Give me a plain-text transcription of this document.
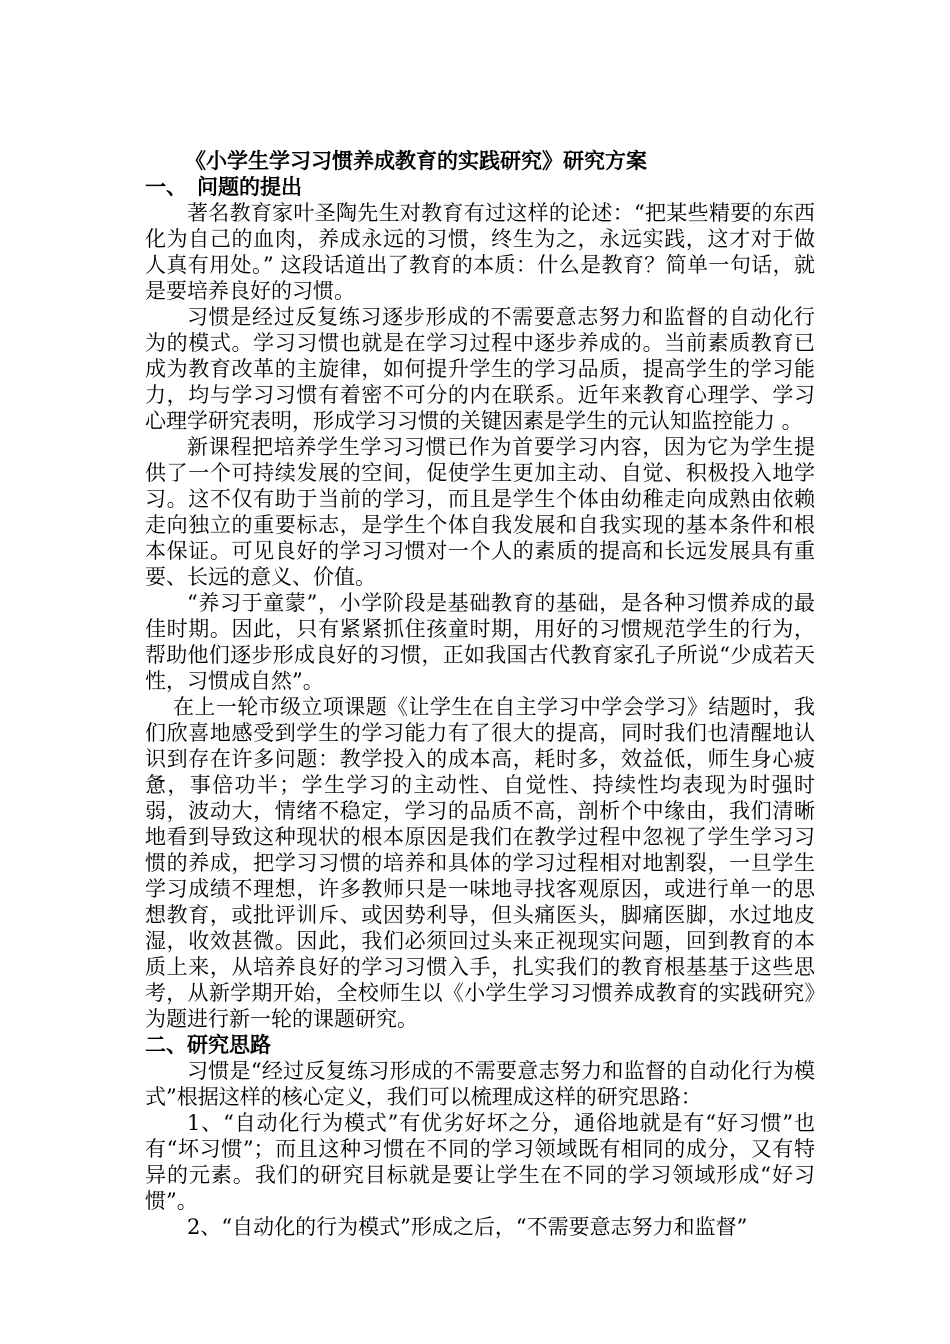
《小学生学习习惯养成教育的实践研究》研究方案
一、 问题的提出

著名教育家叶圣陶先生对教育有过这样的论述：“把某些精要的东西化为自己的血肉，养成永远的习惯，终生为之，永远实践，这才对于做人真有用处。” 这段话道出了教育的本质：什么是教育？简单一句话，就是要培养良好的习惯。

习惯是经过反复练习逐步形成的不需要意志努力和监督的自动化行为的模式。学习习惯也就是在学习过程中逐步养成的。当前素质教育已成为教育改革的主旋律，如何提升学生的学习品质，提高学生的学习能力，均与学习习惯有着密不可分的内在联系。近年来教育心理学、学习心理学研究表明，形成学习习惯的关键因素是学生的元认知监控能力 。

新课程把培养学生学习习惯已作为首要学习内容，因为它为学生提供了一个可持续发展的空间，促使学生更加主动、自觉、积极投入地学习。这不仅有助于当前的学习，而且是学生个体由幼稚走向成熟由依赖走向独立的重要标志，是学生个体自我发展和自我实现的基本条件和根本保证。可见良好的学习习惯对一个人的素质的提高和长远发展具有重要、长远的意义、价值。

“养习于童蒙”，小学阶段是基础教育的基础，是各种习惯养成的最佳时期。因此，只有紧紧抓住孩童时期，用好的习惯规范学生的行为，帮助他们逐步形成良好的习惯，正如我国古代教育家孔子所说“少成若天性，习惯成自然”。

在上一轮市级立项课题《让学生在自主学习中学会学习》结题时，我们欣喜地感受到学生的学习能力有了很大的提高，同时我们也清醒地认识到存在许多问题：教学投入的成本高，耗时多，效益低，师生身心疲惫，事倍功半；学生学习的主动性、自觉性、持续性均表现为时强时弱，波动大，情绪不稳定，学习的品质不高，剖析个中缘由，我们清晰地看到导致这种现状的根本原因是我们在教学过程中忽视了学生学习习惯的养成，把学习习惯的培养和具体的学习过程相对地割裂，一旦学生学习成绩不理想，许多教师只是一味地寻找客观原因，或进行单一的思想教育，或批评训斥、或因势利导，但头痛医头，脚痛医脚，水过地皮湿，收效甚微。因此，我们必须回过头来正视现实问题，回到教育的本质上来，从培养良好的学习习惯入手，扎实我们的教育根基基于这些思考，从新学期开始，全校师生以《小学生学习习惯养成教育的实践研究》为题进行新一轮的课题研究。

二、研究思路

习惯是“经过反复练习形成的不需要意志努力和监督的自动化行为模式”根据这样的核心定义，我们可以梳理成这样的研究思路：

1、“自动化行为模式”有优劣好坏之分，通俗地就是有“好习惯”也有“坏习惯”；而且这种习惯在不同的学习领域既有相同的成分，又有特异的元素。我们的研究目标就是要让学生在不同的学习领域形成“好习惯”。

2、“自动化的行为模式”形成之后，“不需要意志努力和监督”
